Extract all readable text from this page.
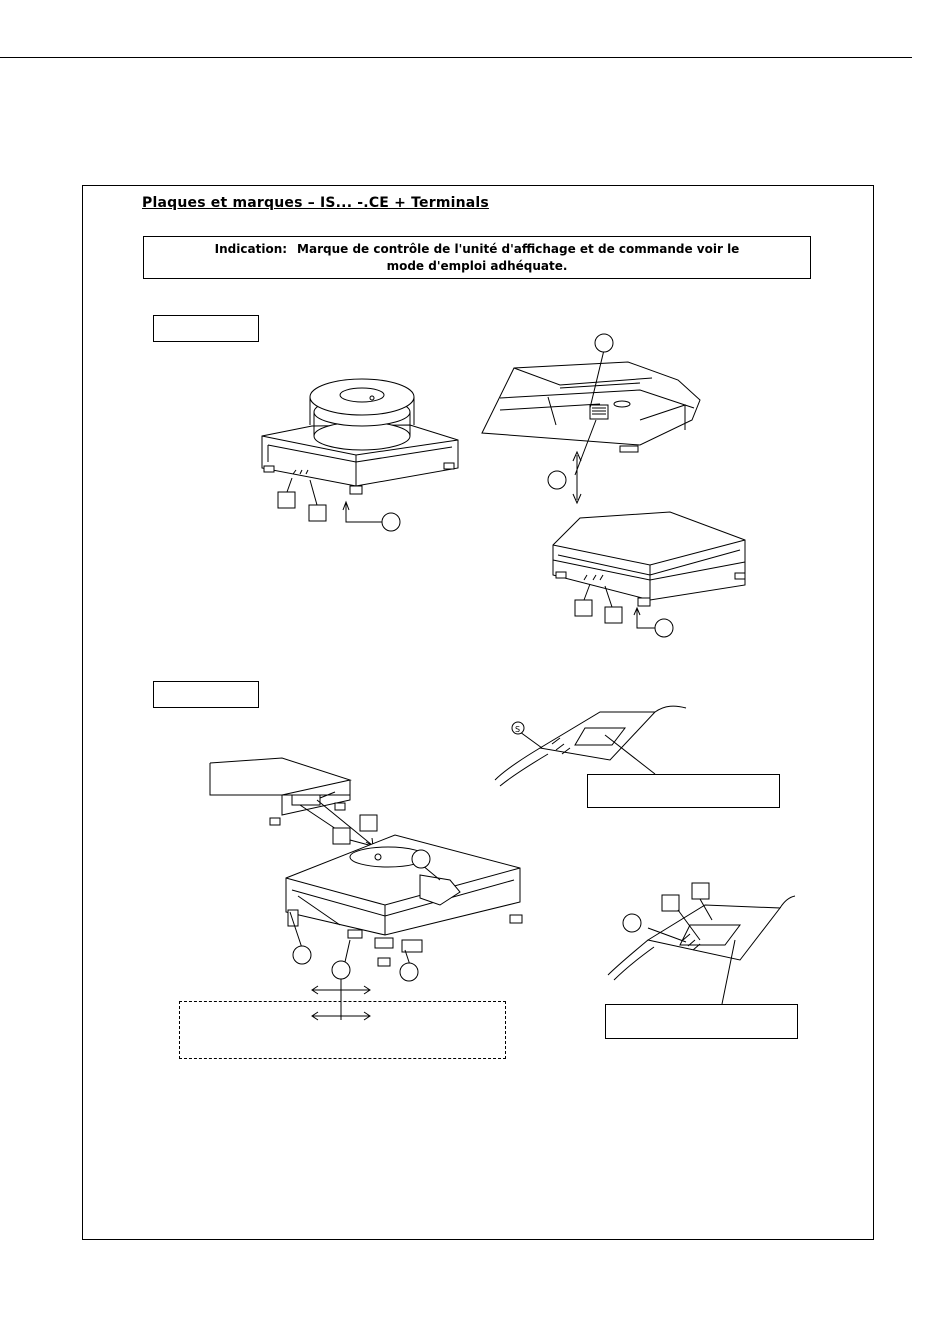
Plaques et marques – IS... -.CE + Terminals
Indication: Marque de contrôle de l'unité d'affichage et de commande voir le
mode d'emploi adhéquate.
S
